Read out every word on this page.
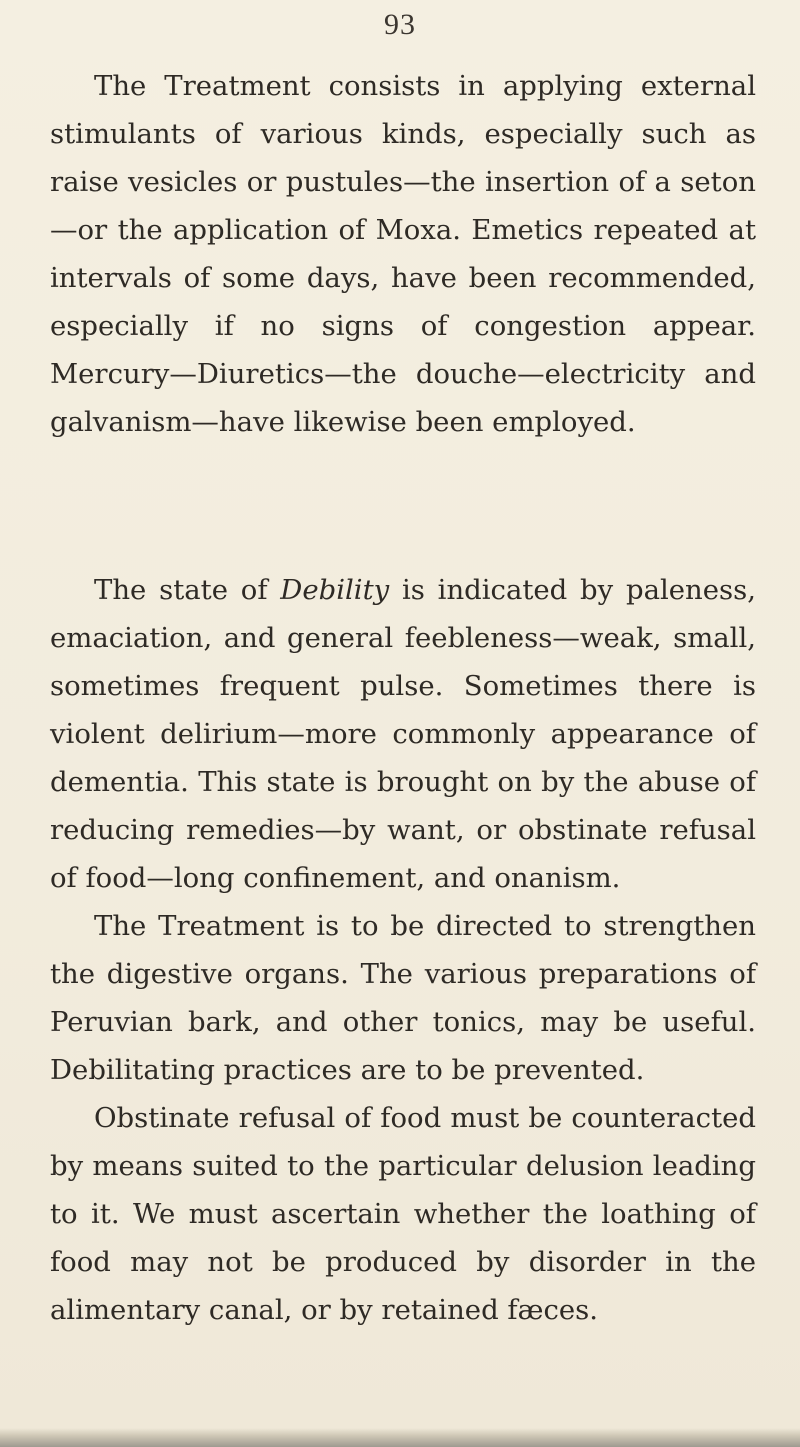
93

The Treatment consists in applying external stimulants of various kinds, especially such as raise vesicles or pustules—the insertion of a seton—or the application of Moxa. Emetics repeated at intervals of some days, have been recommended, especially if no signs of congestion appear. Mercury—Diuretics—the douche—electricity and galvanism—have likewise been employed.

The state of Debility is indicated by paleness, emaciation, and general feebleness—weak, small, sometimes frequent pulse. Sometimes there is violent delirium—more commonly appearance of dementia. This state is brought on by the abuse of reducing remedies—by want, or obstinate refusal of food—long confinement, and onanism.

The Treatment is to be directed to strengthen the digestive organs. The various preparations of Peruvian bark, and other tonics, may be useful. Debilitating practices are to be prevented.

Obstinate refusal of food must be counteracted by means suited to the particular delusion leading to it. We must ascertain whether the loathing of food may not be produced by disorder in the alimentary canal, or by retained fæces.
